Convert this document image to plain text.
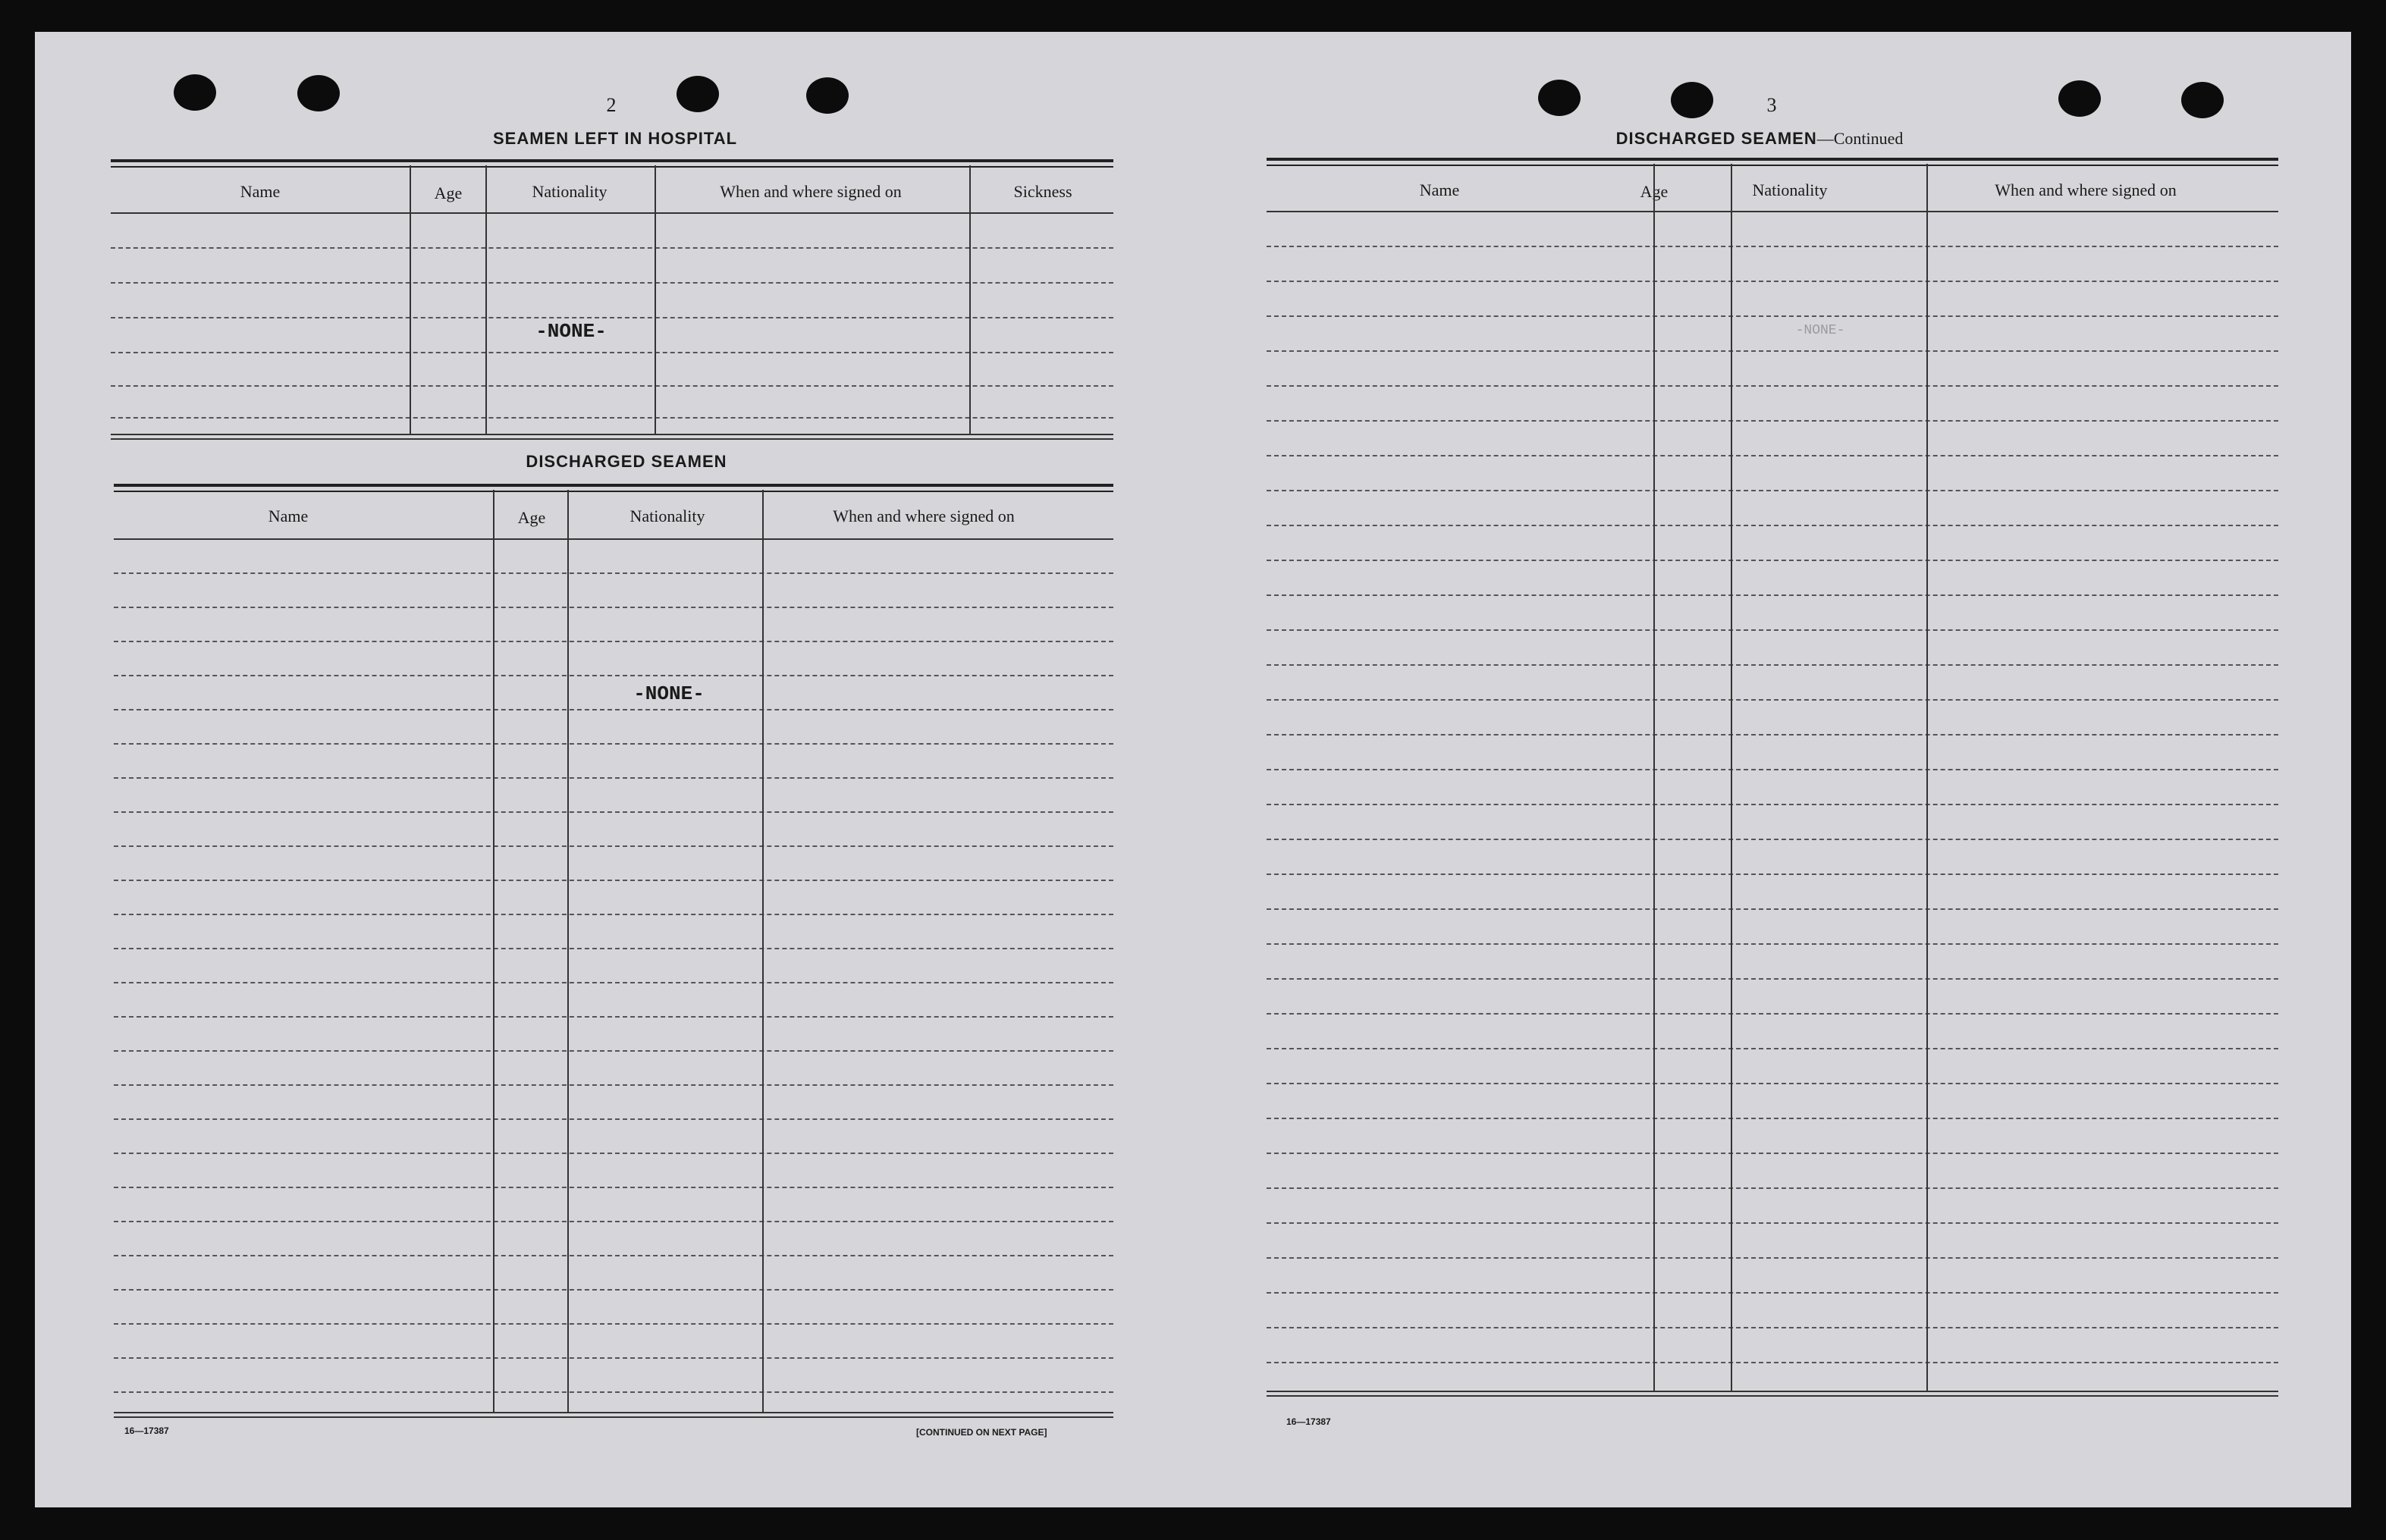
2
SEAMEN LEFT IN HOSPITAL
Name	Age	Nationality	When and where signed on	Sickness
-NONE-
DISCHARGED SEAMEN
Name	Age	Nationality	When and where signed on
-NONE-
16—17387	[CONTINUED ON NEXT PAGE]
3
DISCHARGED SEAMEN—Continued
Name	Age	Nationality	When and where signed on
-NONE-
16—17387
